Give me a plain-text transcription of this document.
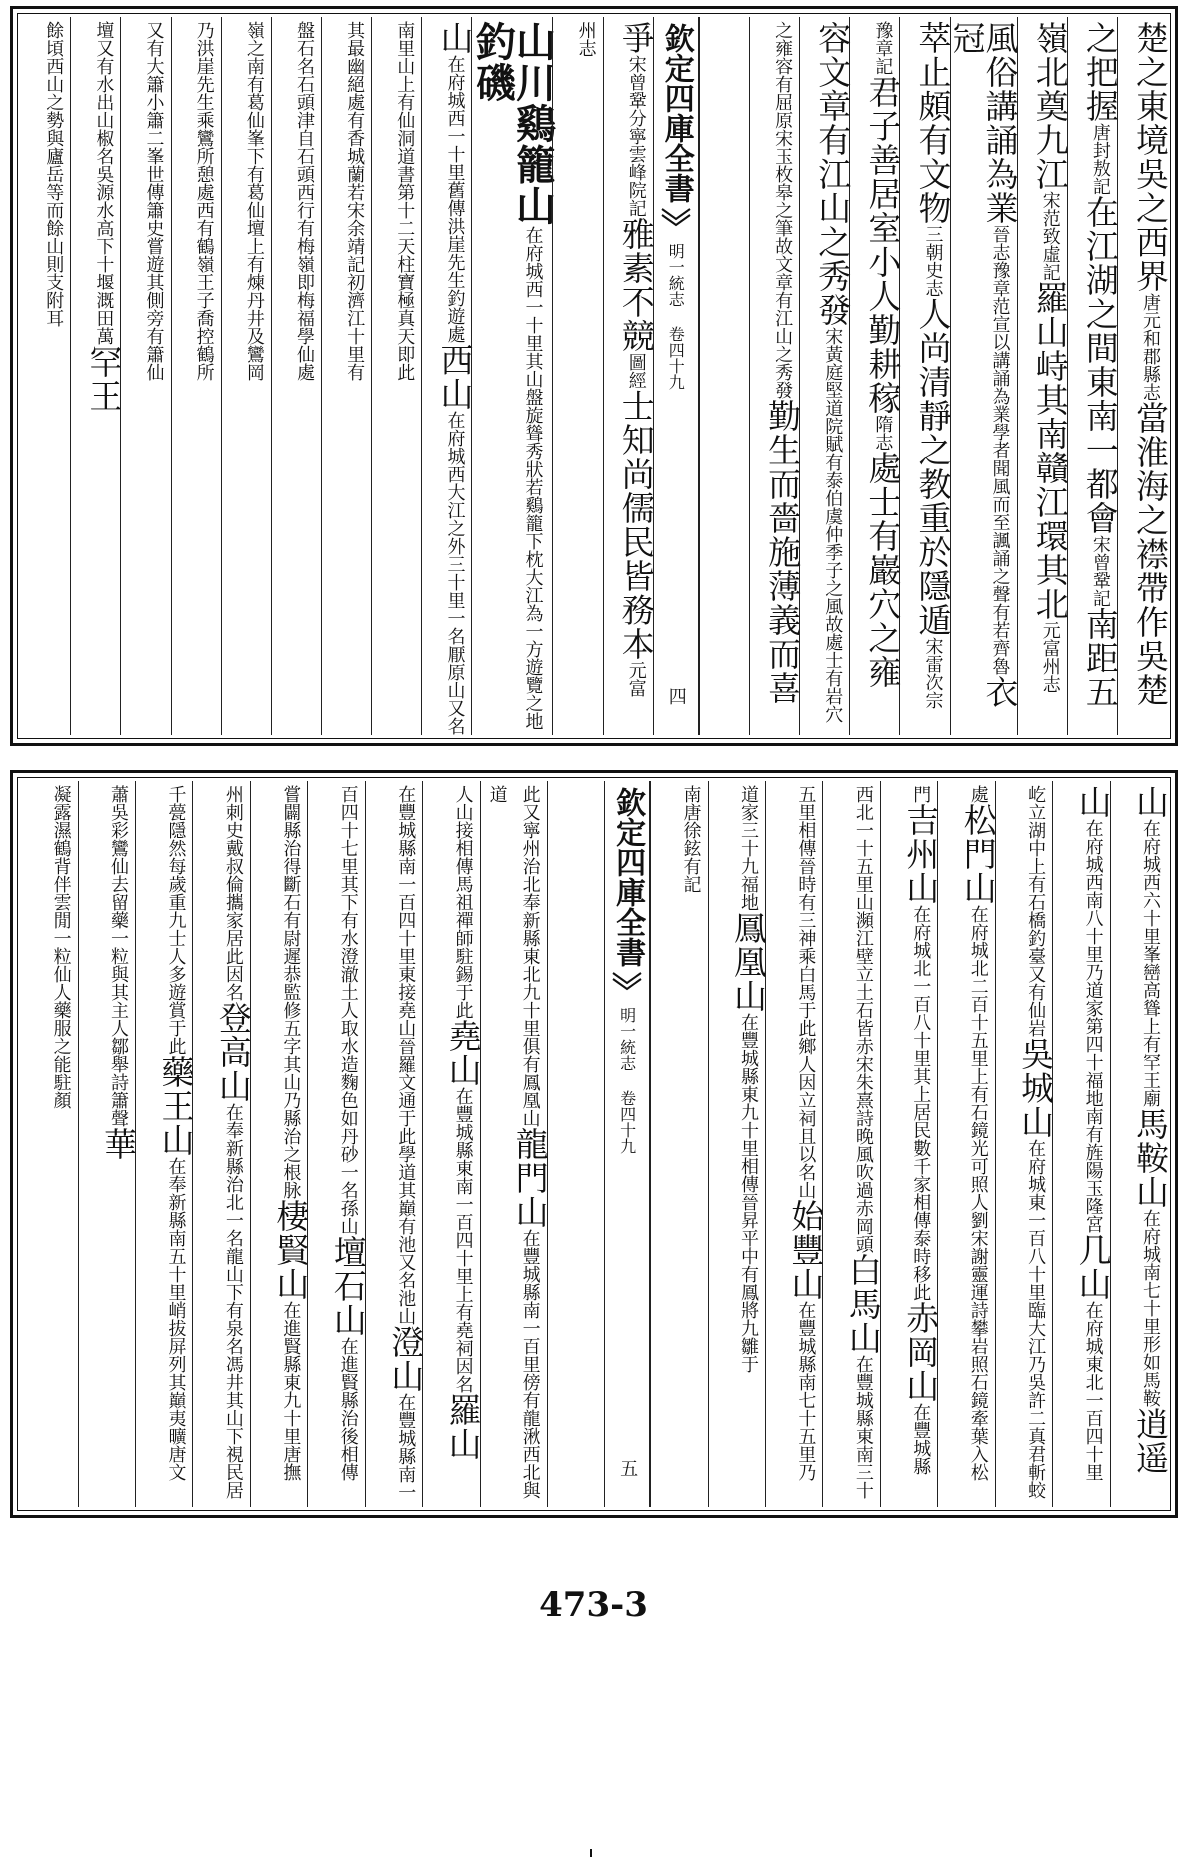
楚之東境吳之西界唐元和郡縣志當淮海之襟帶作吳楚
之把握唐封敖記在江湖之間東南一都會宋曾鞏記南距五
嶺北奠九江宋范致虛記羅山峙其南贛江環其北元富州志
風俗講誦為業晉志豫章范宣以講誦為業學者聞風而至諷誦之聲有若齊魯衣冠
萃止頗有文物三朝史志人尚清靜之教重於隱遁宋雷次宗
豫章記君子善居室小人勤耕稼隋志處士有巖穴之雍
容文章有江山之秀發宋黃庭堅道院賦有泰伯虞仲季子之風故處士有岩穴
之雍容有屈原宋玉枚皋之筆故文章有江山之秀發勤生而嗇施薄義而喜
欽定四庫全書
明一統志 卷四十九
四
爭宋曾鞏分寧雲峰院記雅素不競圖經士知尚儒民皆務本元富
州志
山川鷄籠山在府城西一十里其山盤旋聳秀狀若鷄籠下枕大江為一方遊覽之地釣磯
山在府城西一十里舊傳洪崖先生釣遊處西山在府城西大江之外三十里一名厭原山又名
南里山上有仙洞道書第十二天柱寶極真天即此
其最幽絕處有香城蘭若宋余靖記初濟江十里有
盤石名石頭津自石頭西行有梅嶺即梅福學仙處
嶺之南有葛仙峯下有葛仙壇上有煉丹井及鸞岡
乃洪崖先生乘鸞所憩處西有鶴嶺王子喬控鶴所
又有大簫小簫二峯世傳簫史嘗遊其側旁有簫仙
壇又有水出山椒名吳源水高下十堰溉田萬罕王
餘頃西山之勢與廬岳等而餘山則支附耳
山在府城西六十里峯巒高聳上有罕王廟馬鞍山在府城南七十里形如馬鞍逍遥
山在府城西南八十里乃道家第四十福地南有旌陽玉隆宮几山在府城東北一百四十里
屹立湖中上有石橋釣臺又有仙岩吳城山在府城東一百八十里臨大江乃吳許二真君斬蛟
處松門山在府城北二百十五里上有石鏡光可照人劉宋謝靈運詩攀岩照石鏡牽葉入松
門吉州山在府城北一百八十里其上居民數千家相傳泰時移此赤岡山在豐城縣
西北一十五里山瀕江壁立土石皆赤宋朱熹詩晚風吹過赤岡頭白馬山在豐城縣東南三十
五里相傳晉時有三神乘白馬于此鄉人因立祠且以名山始豐山在豐城縣南七十五里乃
道家三十九福地鳳凰山在豐城縣東九十里相傳晉昇平中有鳳將九雛于
南唐徐鉉有記
欽定四庫全書
明一統志 卷四十九
五
此又寧州治北奉新縣東北九十里俱有鳳凰山龍門山在豐城縣南一百里傍有龍湫西北與道
人山接相傳馬祖禪師駐錫于此堯山在豐城縣東南一百四十里上有堯祠因名羅山
在豐城縣南一百四十里東接堯山晉羅文通于此學道其巔有池又名池山澄山在豐城縣南一
百四十七里其下有水澄澈土人取水造麴色如丹砂一名孫山壇石山在進賢縣治後相傳
嘗闢縣治得斷石有尉遲恭監修五字其山乃縣治之根脉棲賢山在進賢縣東九十里唐撫
州刺史戴叔倫攜家居此因名登高山在奉新縣治北一名龍山下有泉名馮井其山下視民居
千甍隱然每歲重九士人多遊賞于此藥王山在奉新縣南五十里峭拔屏列其巔夷曠唐文
蕭吳彩鸞仙去留藥一粒與其主人鄒舉詩簫聲華
凝露濕鶴背伴雲閒一粒仙人藥服之能駐顏
473-3
